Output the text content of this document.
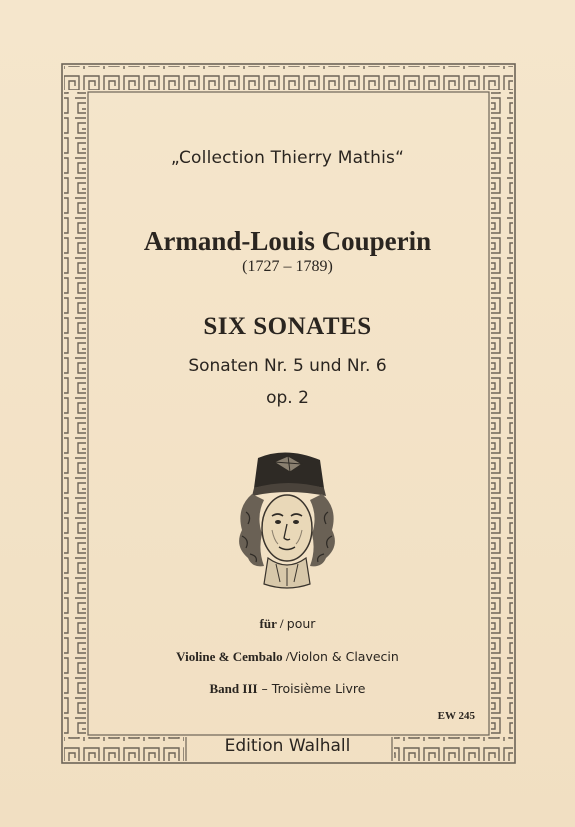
„Collection Thierry Mathis“
Armand-Louis Couperin
(1727 – 1789)
SIX SONATES
Sonaten Nr. 5 und Nr. 6
op. 2
für / pour
Violine & Cembalo /Violon & Clavecin
Band III – Troisième Livre
EW 245
Edition Walhall
